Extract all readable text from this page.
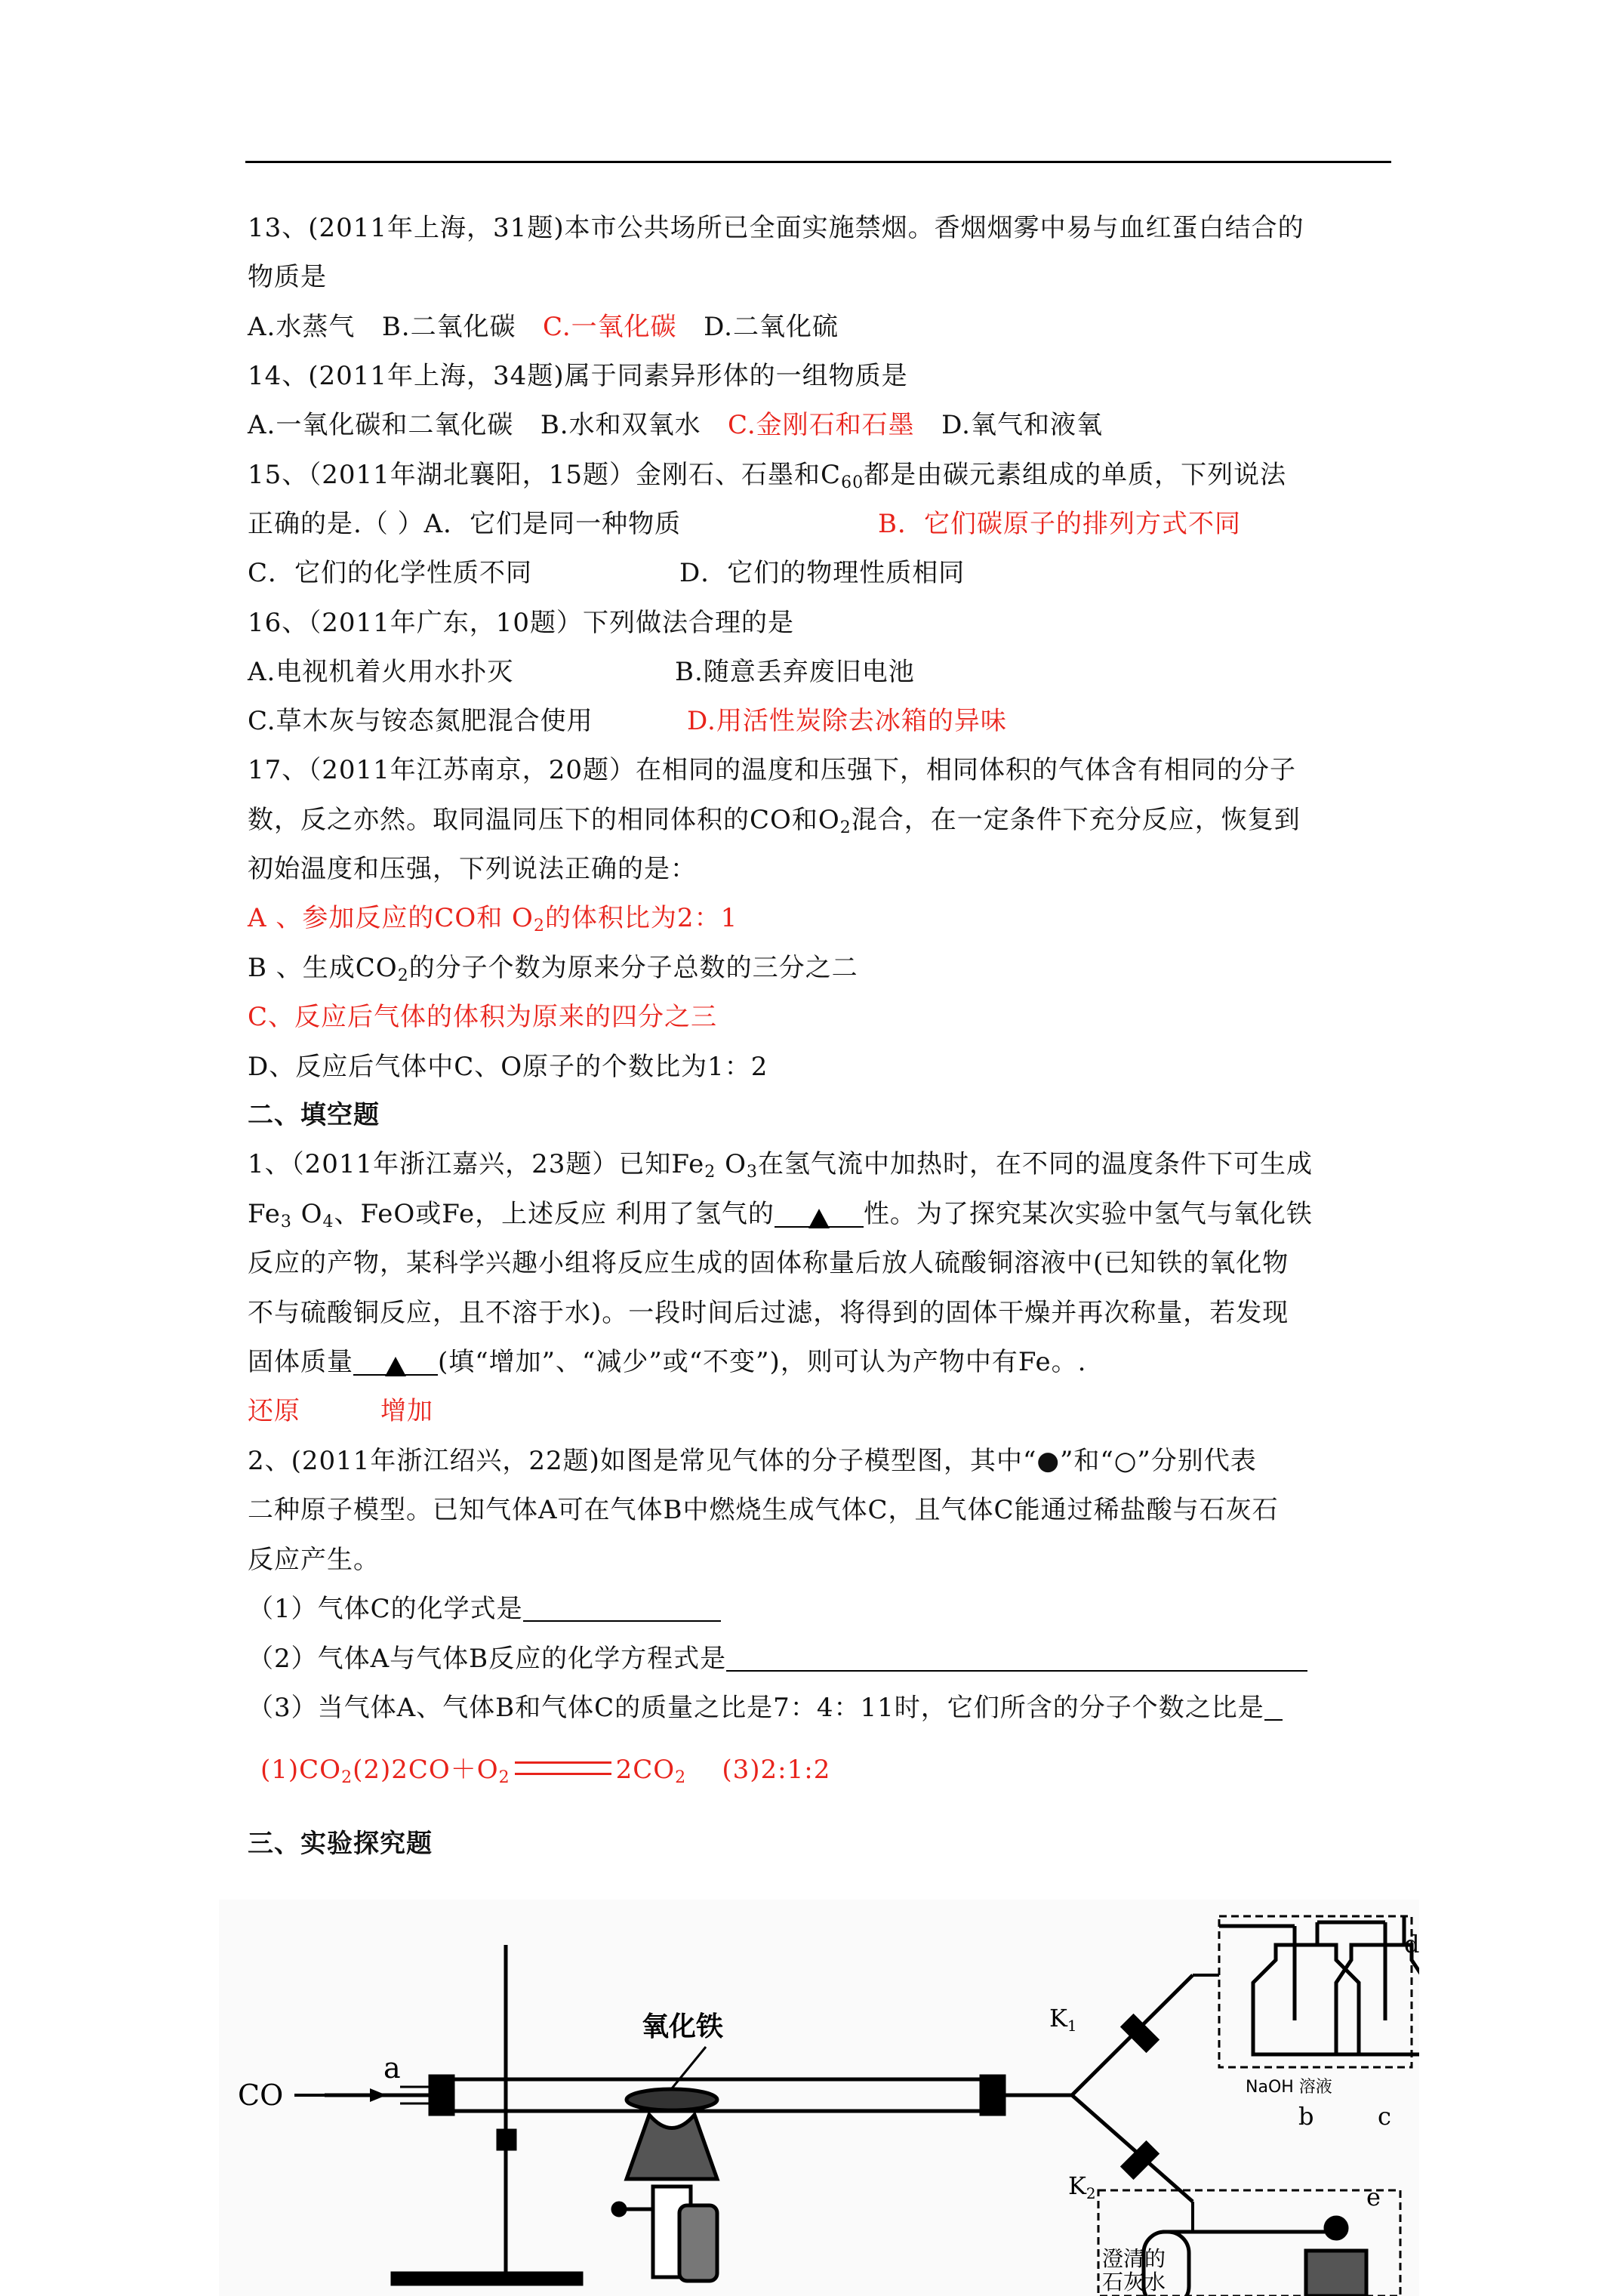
13、(2011年上海，31题)本市公共场所已全面实施禁烟。香烟烟雾中易与血红蛋白结合的
物质是
A.水蒸气 B.二氧化碳 C.一氧化碳 D.二氧化硫
14、(2011年上海，34题)属于同素异形体的一组物质是
A.一氧化碳和二氧化碳 B.水和双氧水 C.金刚石和石墨 D.氧气和液氧
15、（2011年湖北襄阳，15题）金刚石、石墨和$C_{60}$都是由碳元素组成的单质，下列说法
正确的是.（ ）A．它们是同一种物质	B．它们碳原子的排列方式不同
C．它们的化学性质不同	D．它们的物理性质相同
16、（2011年广东，10题）下列做法合理的是
A.电视机着火用水扑灭	B.随意丢弃废旧电池
C.草木灰与铵态氮肥混合使用	D.用活性炭除去冰箱的异味
17、（2011年江苏南京，20题）在相同的温度和压强下，相同体积的气体含有相同的分子
数，反之亦然。取同温同压下的相同体积的CO和$O_2$混合，在一定条件下充分反应，恢复到
初始温度和压强，下列说法正确的是：
A 、参加反应的CO和 $O_2$的体积比为2：1
B 、生成$CO_2$的分子个数为原来分子总数的三分之二
C、反应后气体的体积为原来的四分之三
D、反应后气体中C、O原子的个数比为1：2
二、填空题
1、（2011年浙江嘉兴，23题）已知$Fe_2$ $O_3$在氢气流中加热时，在不同的温度条件下可生成
$Fe_3$ $O_4$、FeO或Fe，上述反应 利用了氢气的	性。为了探究某次实验中氢气与氧化铁
反应的产物，某科学兴趣小组将反应生成的固体称量后放人硫酸铜溶液中(已知铁的氧化物
不与硫酸铜反应，且不溶于水)。一段时间后过滤，将得到的固体干燥并再次称量，若发现
固体质量	(填“增加”、“减少”或“不变”)，则可认为产物中有Fe。.
还原	增加
2、(2011年浙江绍兴，22题)如图是常见气体的分子模型图，其中“●”和“○”分别代表
二种原子模型。已知气体A可在气体B中燃烧生成气体C，且气体C能通过稀盐酸与石灰石
反应产生。
（1）气体C的化学式是
（2）气体A与气体B反应的化学方程式是
（3）当气体A、气体B和气体C的质量之比是7：4：11时，它们所含的分子个数之比是
$(1)CO_2(2)2CO+O_2$	$2CO_2$ (3)2:1:2
三、实验探究题
CO
a
氧化铁	K1
K2
NaOH 溶液
b	c
d
e
澄清的
石灰水
